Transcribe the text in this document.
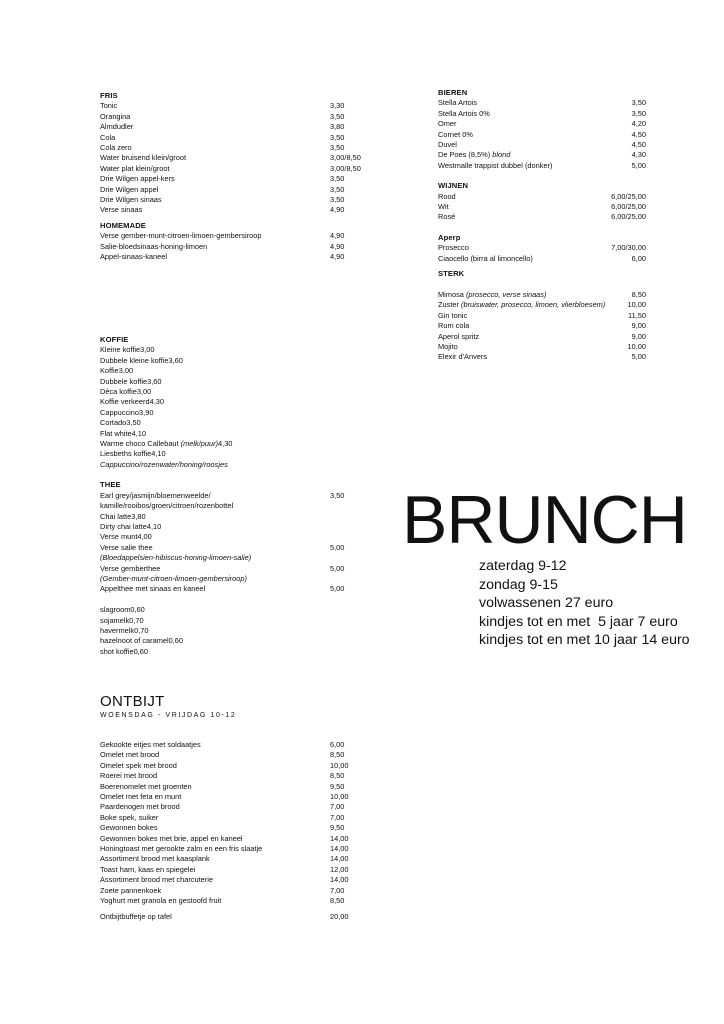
FRIS
Tonic	3,30
Orangina	3,50
Almdudler	3,80
Cola	3,50
Cola zero	3,50
Water bruisend klein/groot	3,00/8,50
Water plat klein/groot	3,00/8,50
Drie Wilgen appel-kers	3,50
Drie Wilgen appel	3,50
Drie Wilgen sinaas	3,50
Verse sinaas	4,90
HOMEMADE
Verse gember-munt-citroen-limoen-gembersiroop	4,90
Salie-bloedsinaas-honing-limoen	4,90
Appel-sinaas-kaneel	4,90
KOFFIE
Kleine koffie 3,00
Dubbele kleine koffie 3,60
Koffie 3,00
Dubbele koffie 3,60
Déca koffie 3,00
Koffie verkeerd 4,30
Cappuccino 3,90
Cortado 3,50
Flat white 4,10
Warme choco Callebaut (melk/puur) 4,30
Liesbeths koffie 4,10
Cappuccino/rozenwater/honing/roosjes
THEE
Earl grey/jasmijn/bloemenweelde/	3,50
kamille/rooibos/groen/citroen/rozenbottel
Chai latte 3,80
Dirty chai latte 4,10
Verse munt 4,00
Verse salie thee	5,00
(Bloedappelsien-hibiscus-honing-limoen-salie)
Verse gemberthee	5,00
(Gember-munt-citroen-limoen-gembersiroop)
Appelthee met sinaas en kaneel	5,00
slagroom 0,60
sojamelk 0,70
havermelk 0,70
hazelnoot of caramel 0,60
shot koffie 0,60
BIEREN
Stella Artois	3,50
Stella Artois 0%	3,50
Omer	4,20
Cornet 0%	4,50
Duvel	4,50
De Poes (8,5%) blond	4,30
Westmalle trappist dubbel (donker)	5,00
WIJNEN
Rood	6,00/25,00
Wit	6,00/25,00
Rosé	6,00/25,00
Aperp
Prosecco	7,00/30,00
Ciaocello (birra al limoncello)	6,00
STERK
Mimosa (prosecco, verse sinaas)	8,50
Zuster (bruiswater, prosecco, limoen, vlierbloesem)	10,00
Gin tonic	11,50
Rum cola	9,00
Aperol spritz	9,00
Mojito	10,00
Elexir d'Anvers	5,00
BRUNCH
zaterdag 9-12
zondag 9-15
volwassenen 27 euro
kindjes tot en met  5 jaar 7 euro
kindjes tot en met 10 jaar 14 euro
ONTBIJT
WOENSDAG - VRIJDAG 10-12
Gekookte eitjes met soldaatjes	6,00
Omelet met brood	8,50
Omelet spek met brood	10,00
Roerei met brood	8,50
Boerenomelet met groenten	9,50
Omelet met feta en munt	10,00
Paardenogen met brood	7,00
Boke spek, suiker	7,00
Gewonnen bokes	9,50
Gewonnen bokes met brie, appel en kaneel	14,00
Honingtoast met gerookte zalm en een fris slaatje	14,00
Assortiment brood met kaasplank	14,00
Toast ham, kaas en spiegelei	12,00
Assortiment brood met charcuterie	14,00
Zoete pannenkoek	7,00
Yoghurt met granola en gestoofd fruit	8,50
Ontbijtbuffetje op tafel	20,00
